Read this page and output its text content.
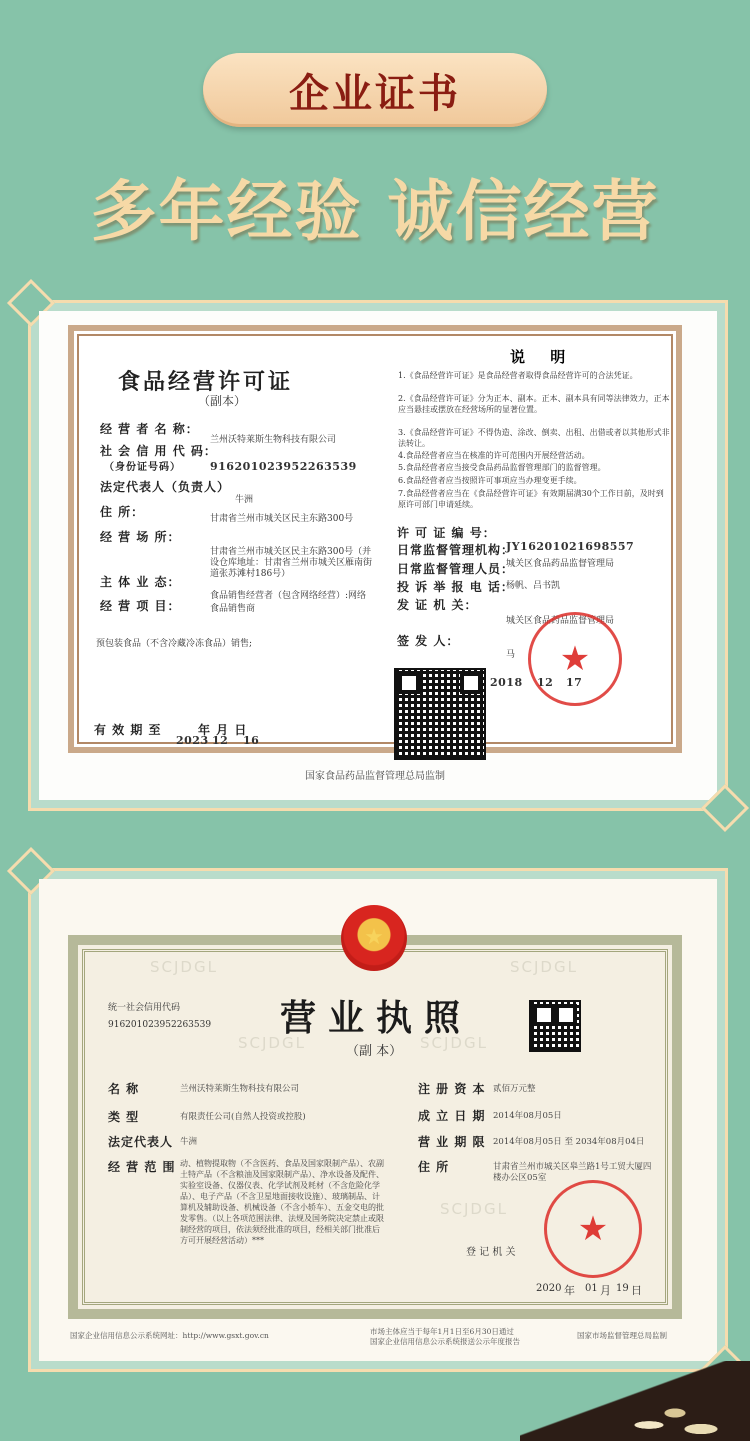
企业证书
多年经验 诚信经营
食品经营许可证
（副本）
经 营 者 名 称：
兰州沃特莱斯生物科技有限公司
社 会 信 用 代 码：
（身份证号码）	916201023952263539
法定代表人（负责人）
牛洲
住 所：	甘肃省兰州市城关区民主东路300号
经 营 场 所：
甘肃省兰州市城关区民主东路300号（并
设仓库地址：甘肃省兰州市城关区雁南街
道张苏滩村186号）
主 体 业 态：
食品销售经营者（包含网络经营）:网络
经 营 项 目：	食品销售商
预包装食品（不含冷藏冷冻食品）销售;
有 效 期 至	年 月 日
2023 12 16
说 明
1.《食品经营许可证》是食品经营者取得食品经营许可的合法凭证。
2.《食品经营许可证》分为正本、副本。正本、副本具有同等法律效力，正本应当悬挂或摆放在经营场所的显著位置。
3.《食品经营许可证》不得伪造、涂改、倒卖、出租、出借或者以其他形式非法转让。
4.食品经营者应当在核准的许可范围内开展经营活动。
5.食品经营者应当接受食品药品监督管理部门的监督管理。
6.食品经营者应当按照许可事项应当办理变更手续。
7.食品经营者应当在《食品经营许可证》有效期届满30个工作日前，及时到原许可部门申请延续。
许 可 证 编 号：
JY16201021698557
日常监督管理机构：
城关区食品药品监督管理局
日常监督管理人员：
杨帆、吕书凯
投 诉 举 报 电 话：
发 证 机 关：
城关区食品药品监督管理局
签 发 人：
马
2018 12 17
★
国家食品药品监督管理总局监制
★
SCJDGL
SCJDGL
SCJDGL
SCJDGL
SCJDGL
统一社会信用代码
916201023952263539 营业执照
（副 本）
名 称	兰州沃特莱斯生物科技有限公司
类 型	有限责任公司(自然人投资或控股)
法定代表人 牛洲
经 营 范 围 动、植物提取物（不含医药、食品及国家限制产品）、农副土特产品（不含粮油及国家限制产品）、净水设备及配件、实验室设备、仪器仪表、化学试剂及耗材（不含危险化学品）、电子产品（不含卫星地面接收设施）、玻璃制品、计算机及辅助设备、机械设备（不含小轿车）、五金交电的批发零售。（以上各项范围法律、法规及国务院决定禁止或限制经营的项目，依法须经批准的项目，经相关部门批准后方可开展经营活动）***
注 册 资 本 贰佰万元整
成 立 日 期 2014年08月05日
营 业 期 限 2014年08月05日 至 2034年08月04日
住 所	甘肃省兰州市城关区皋兰路1号工贸大厦四
楼办公区05室
登 记 机 关
2020 年 01 月 19 日
★
国家企业信用信息公示系统网址：http://www.gsxt.gov.cn	市场主体应当于每年1月1日至6月30日通过
国家企业信用信息公示系统报送公示年度报告
国家市场监督管理总局监制
